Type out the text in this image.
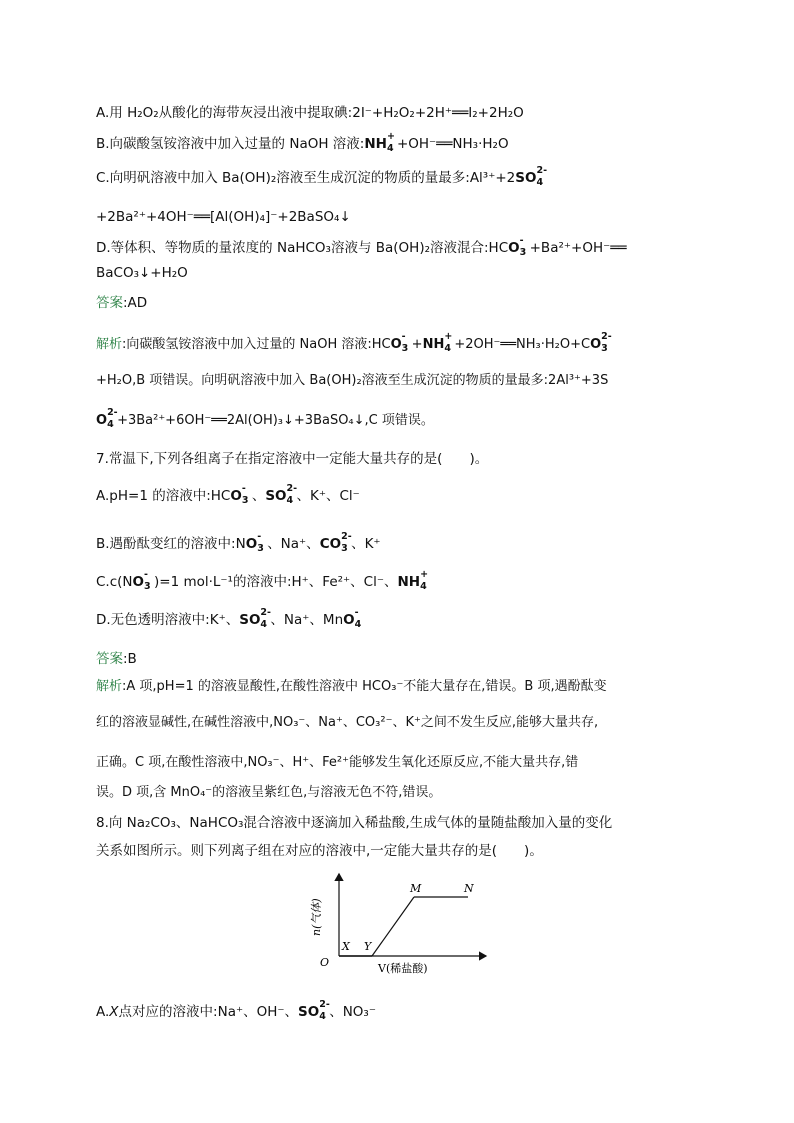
A.用 H₂O₂从酸化的海带灰浸出液中提取碘:2I⁻+H₂O₂+2H⁺══I₂+2H₂O
B.向碳酸氢铵溶液中加入过量的 NaOH 溶液:NH +
4 +OH⁻══NH₃·H₂O
C.向明矾溶液中加入 Ba(OH)₂溶液至生成沉淀的物质的量最多:Al³⁺+2SO 2-
4
+2Ba²⁺+4OH⁻══[Al(OH)₄]⁻+2BaSO₄↓
D.等体积、等物质的量浓度的 NaHCO₃溶液与 Ba(OH)₂溶液混合:HCO -
3 +Ba²⁺+OH⁻══
BaCO₃↓+H₂O
答案:AD
解析:向碳酸氢铵溶液中加入过量的 NaOH 溶液:HCO
-
3 +NH
+
4 +2OH⁻══NH₃·H₂O+CO
2-
3
+H₂O,B 项错误。向明矾溶液中加入 Ba(OH)₂溶液至生成沉淀的物质的量最多:2Al³⁺+3S
O
2-
4 +3Ba²⁺+6OH⁻══2Al(OH)₃↓+3BaSO₄↓,C 项错误。
7.常温下,下列各组离子在指定溶液中一定能大量共存的是(　　)。
A.pH=1 的溶液中:HCO -
3 、SO 2-
4 、K⁺、Cl⁻
B.遇酚酞变红的溶液中:NO -
3 、Na⁺、CO 2-
3 、K⁺
C.c(NO -
3 )=1 mol·L⁻¹的溶液中:H⁺、Fe²⁺、Cl⁻、NH +
4
D.无色透明溶液中:K⁺、SO 2-
4 、Na⁺、MnO -
4
答案:B
解析:A 项,pH=1 的溶液显酸性,在酸性溶液中 HCO₃⁻不能大量存在,错误。B 项,遇酚酞变
红的溶液显碱性,在碱性溶液中,NO₃⁻、Na⁺、CO₃²⁻、K⁺之间不发生反应,能够大量共存,
正确。C 项,在酸性溶液中,NO₃⁻、H⁺、Fe²⁺能够发生氧化还原反应,不能大量共存,错
误。D 项,含 MnO₄⁻的溶液呈紫红色,与溶液无色不符,错误。
8.向 Na₂CO₃、NaHCO₃混合溶液中逐滴加入稀盐酸,生成气体的量随盐酸加入量的变化
关系如图所示。则下列离子组在对应的溶液中,一定能大量共存的是(　　)。
n(气体)
V(稀盐酸)
O
X Y
M	N
A.X点对应的溶液中:Na⁺、OH⁻、SO 2-
4 、NO₃⁻
